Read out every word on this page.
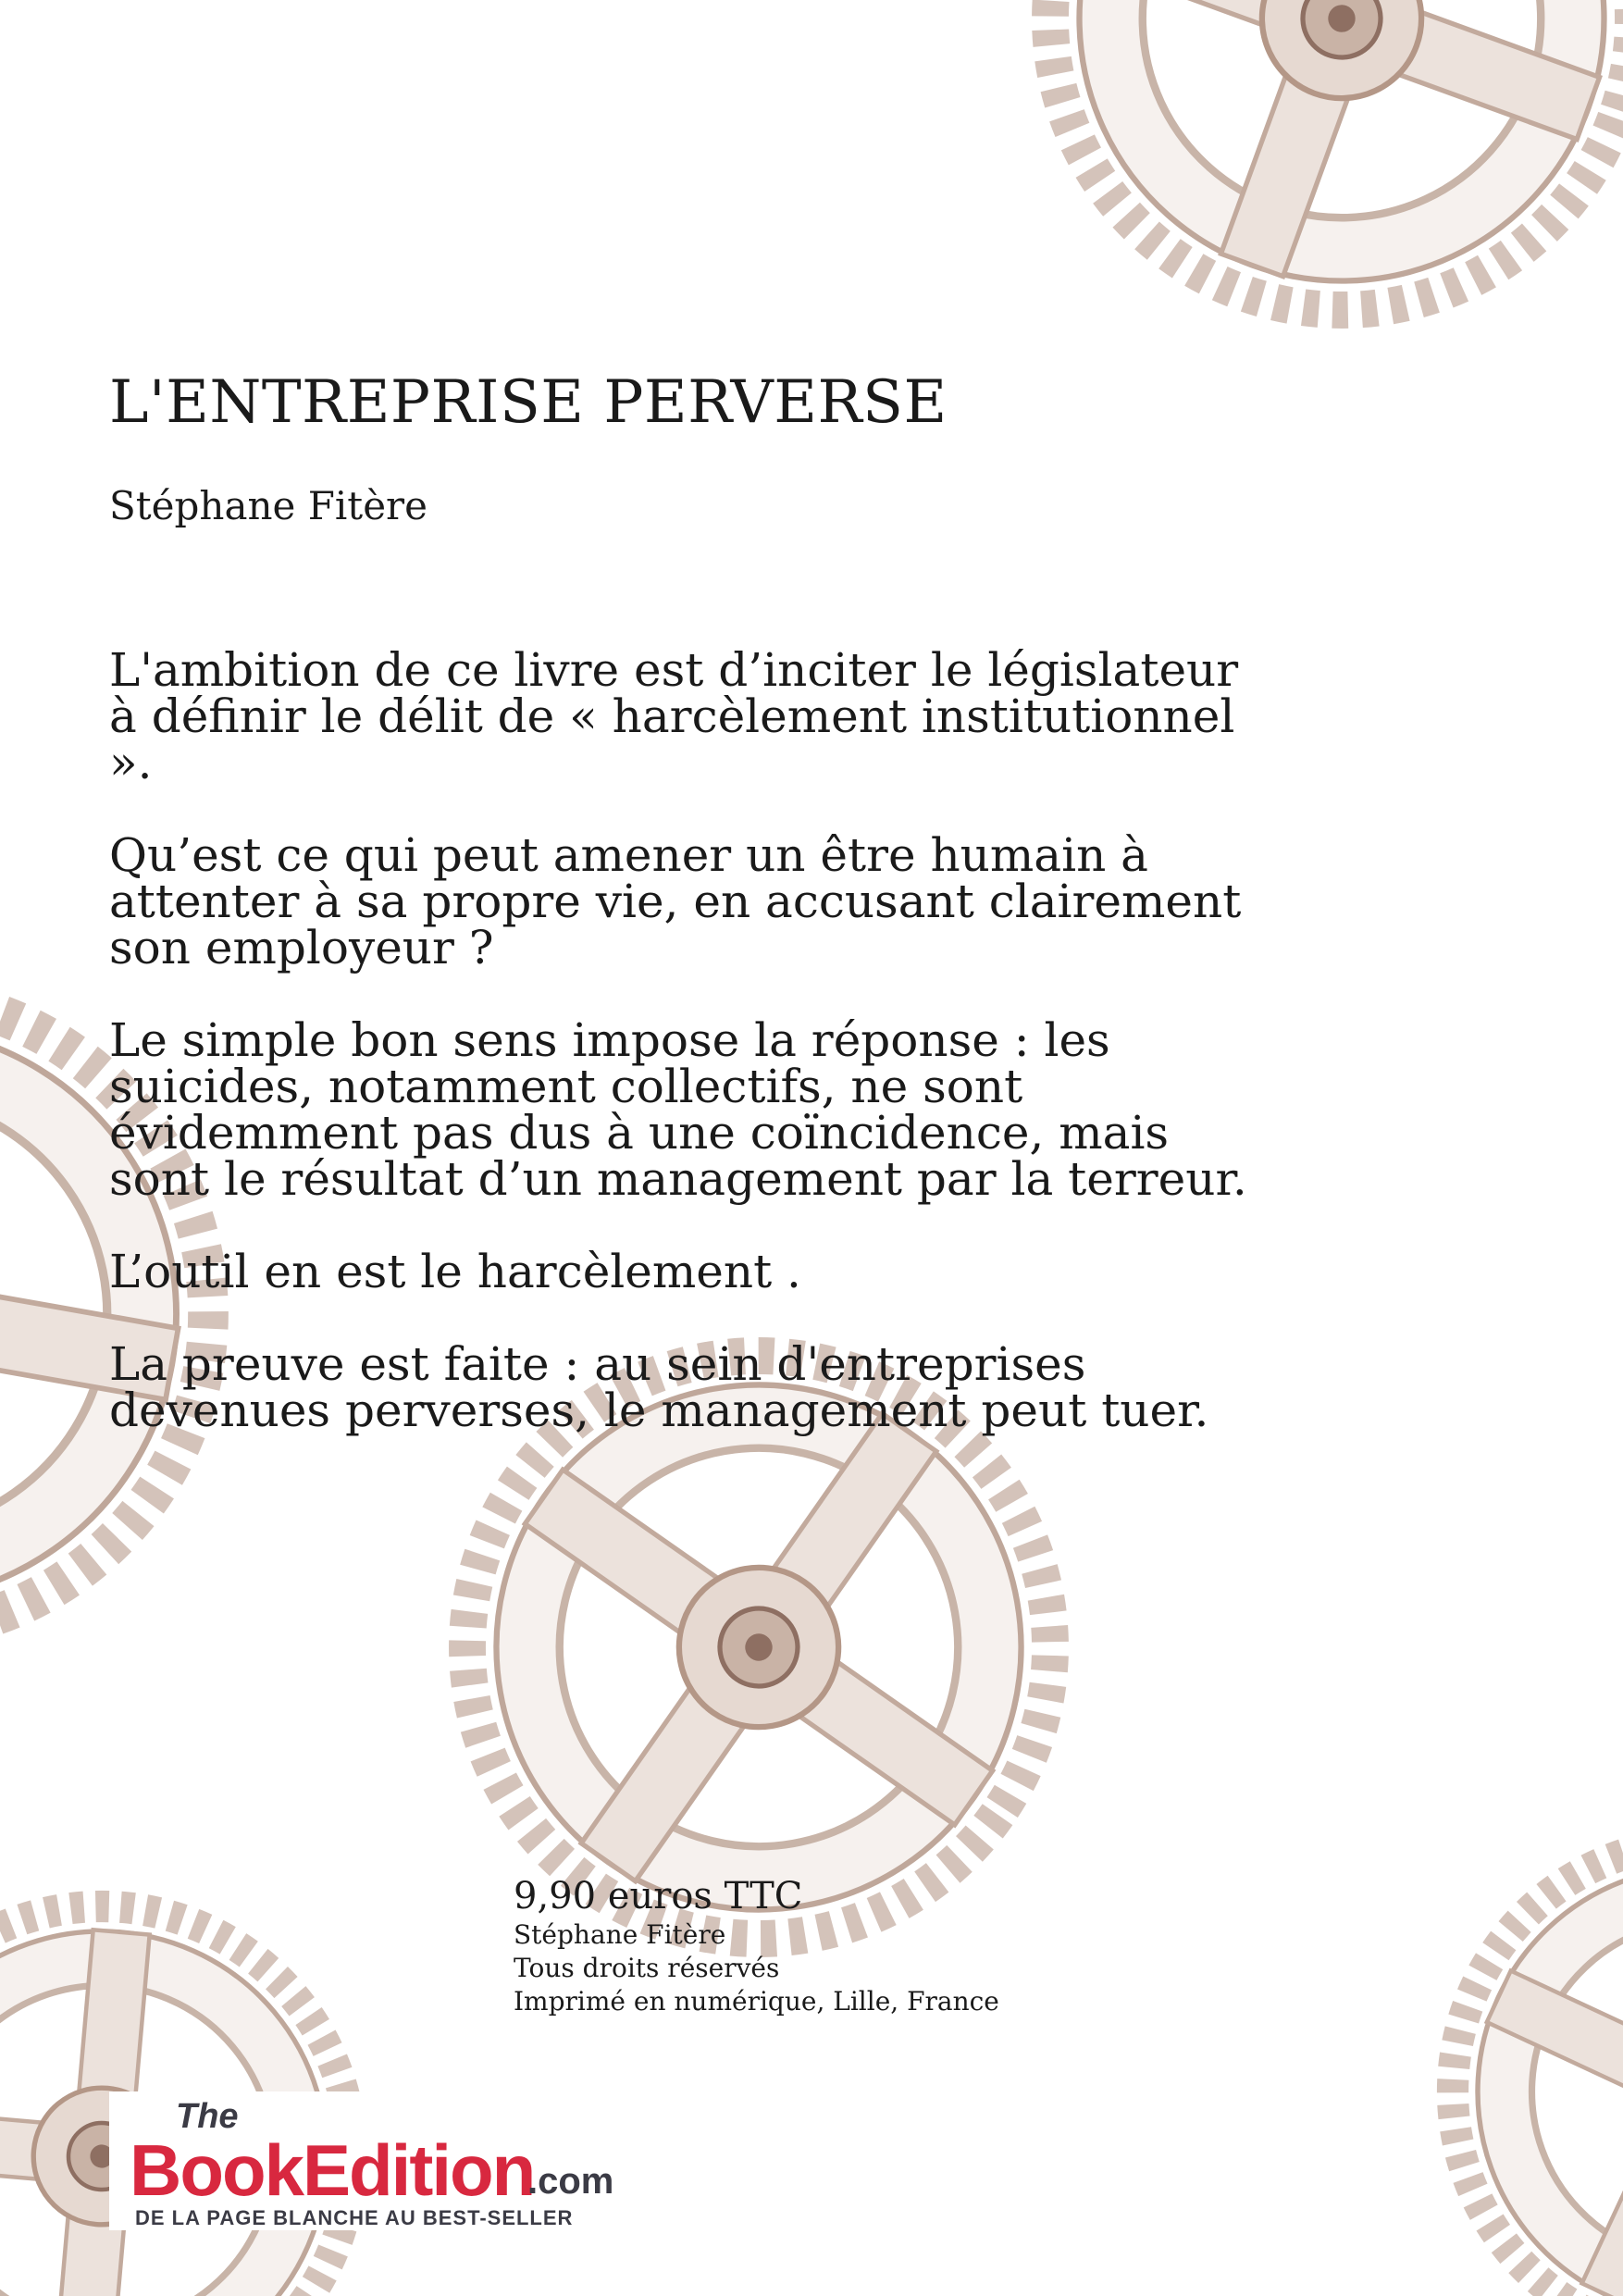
L'ENTREPRISE PERVERSE
Stéphane Fitère

L'ambition de ce livre est d’inciter le législateur à définir le délit de « harcèlement institutionnel ».

Qu’est ce qui peut amener un être humain à attenter à sa propre vie, en accusant clairement son employeur ?

Le simple bon sens impose la réponse : les suicides, notamment collectifs, ne sont évidemment pas dus à une coïncidence, mais sont le résultat d’un management par la terreur.

L’outil en est le harcèlement .

La preuve est faite : au sein d'entreprises devenues perverses, le management peut tuer.

9,90 euros TTC

Stéphane Fitère

Tous droits réservés

Imprimé en numérique, Lille, France

The
BookEdition
.com
DE LA PAGE BLANCHE AU BEST-SELLER
